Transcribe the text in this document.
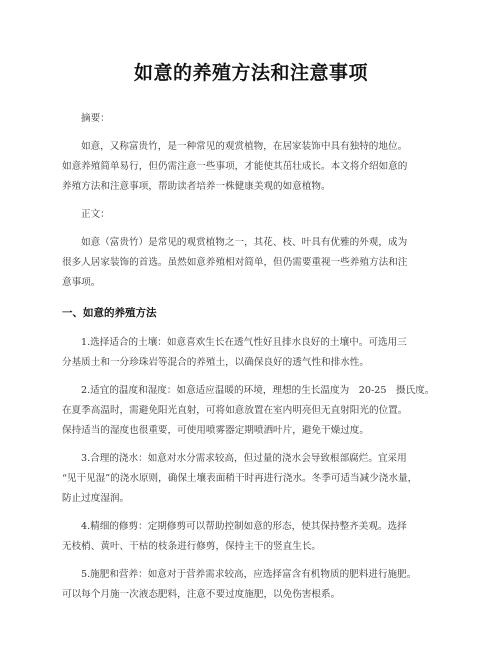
如意的养殖方法和注意事项
摘要：
如意，又称富贵竹，是一种常见的观赏植物，在居家装饰中具有独特的地位。
如意养殖简单易行，但仍需注意一些事项，才能使其茁壮成长。本文将介绍如意的
养殖方法和注意事项，帮助读者培养一株健康美观的如意植物。
正文：
如意（富贵竹）是常见的观赏植物之一，其花、枝、叶具有优雅的外观，成为
很多人居家装饰的首选。虽然如意养殖相对简单，但仍需要重视一些养殖方法和注
意事项。
一、如意的养殖方法
1.选择适合的土壤：如意喜欢生长在透气性好且排水良好的土壤中。可选用三
分基质土和一分珍珠岩等混合的养殖土，以确保良好的透气性和排水性。
2.适宜的温度和湿度：如意适应温暖的环境，理想的生长温度为　20-25　摄氏度。
在夏季高温时，需避免阳光直射，可将如意放置在室内明亮但无直射阳光的位置。
保持适当的湿度也很重要，可使用喷雾器定期喷洒叶片，避免干燥过度。
3.合理的浇水：如意对水分需求较高，但过量的浇水会导致根部腐烂。宜采用
“见干见湿”的浇水原则，确保土壤表面稍干时再进行浇水。冬季可适当减少浇水量，
防止过度湿润。
4.精细的修剪：定期修剪可以帮助控制如意的形态，使其保持整齐美观。选择
无枝梢、黄叶、干枯的枝条进行修剪，保持主干的竖直生长。
5.施肥和营养：如意对于营养需求较高，应选择富含有机物质的肥料进行施肥。
可以每个月施一次液态肥料，注意不要过度施肥，以免伤害根系。
